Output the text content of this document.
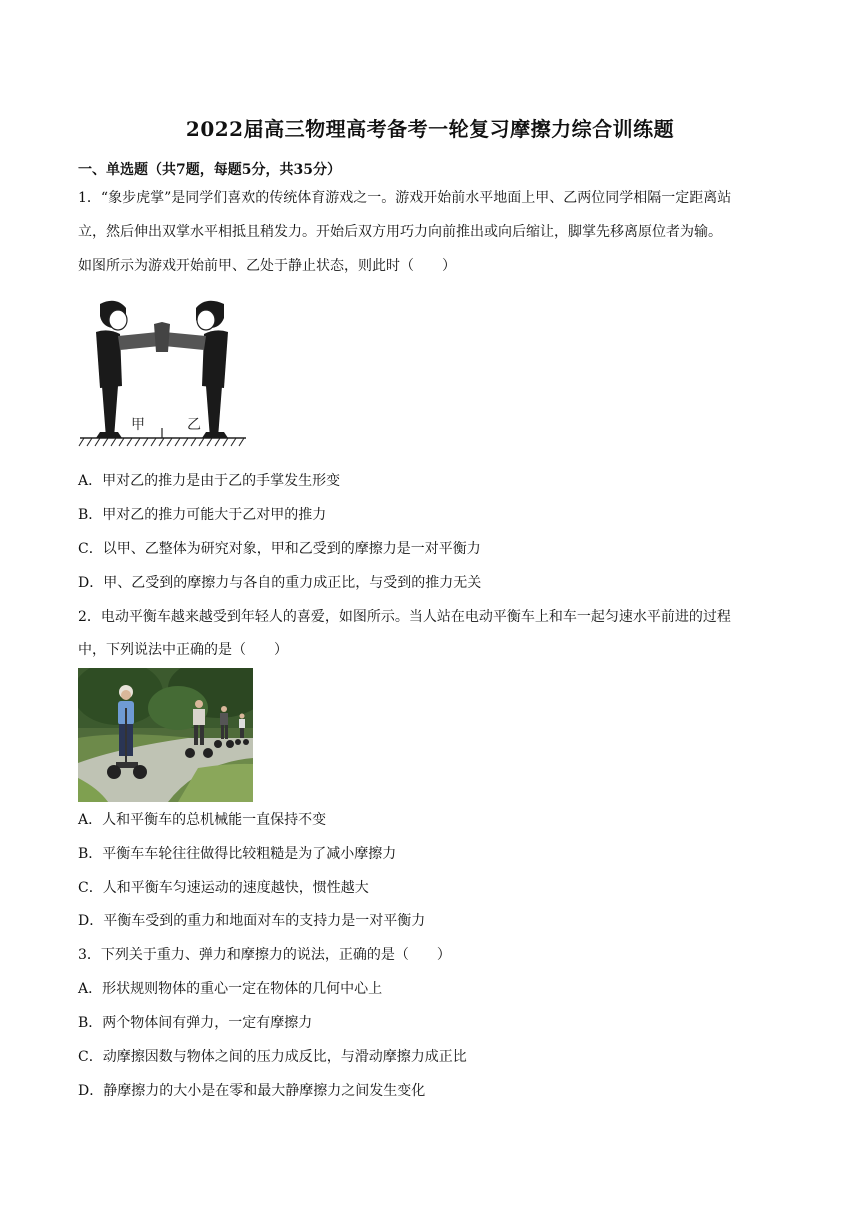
2022届高三物理高考备考一轮复习摩擦力综合训练题
一、单选题（共7题，每题5分，共35分）
1．“象步虎掌”是同学们喜欢的传统体育游戏之一。游戏开始前水平地面上甲、乙两位同学相隔一定距离站
立，然后伸出双掌水平相抵且稍发力。开始后双方用巧力向前推出或向后缩让，脚掌先移离原位者为输。
如图所示为游戏开始前甲、乙处于静止状态，则此时（　　）
甲	乙
A．甲对乙的推力是由于乙的手掌发生形变
B．甲对乙的推力可能大于乙对甲的推力
C．以甲、乙整体为研究对象，甲和乙受到的摩擦力是一对平衡力
D．甲、乙受到的摩擦力与各自的重力成正比，与受到的推力无关
2．电动平衡车越来越受到年轻人的喜爱，如图所示。当人站在电动平衡车上和车一起匀速水平前进的过程
中，下列说法中正确的是（　　）
A．人和平衡车的总机械能一直保持不变
B．平衡车车轮往往做得比较粗糙是为了减小摩擦力
C．人和平衡车匀速运动的速度越快，惯性越大
D．平衡车受到的重力和地面对车的支持力是一对平衡力
3．下列关于重力、弹力和摩擦力的说法，正确的是（　　）
A．形状规则物体的重心一定在物体的几何中心上
B．两个物体间有弹力，一定有摩擦力
C．动摩擦因数与物体之间的压力成反比，与滑动摩擦力成正比
D．静摩擦力的大小是在零和最大静摩擦力之间发生变化
